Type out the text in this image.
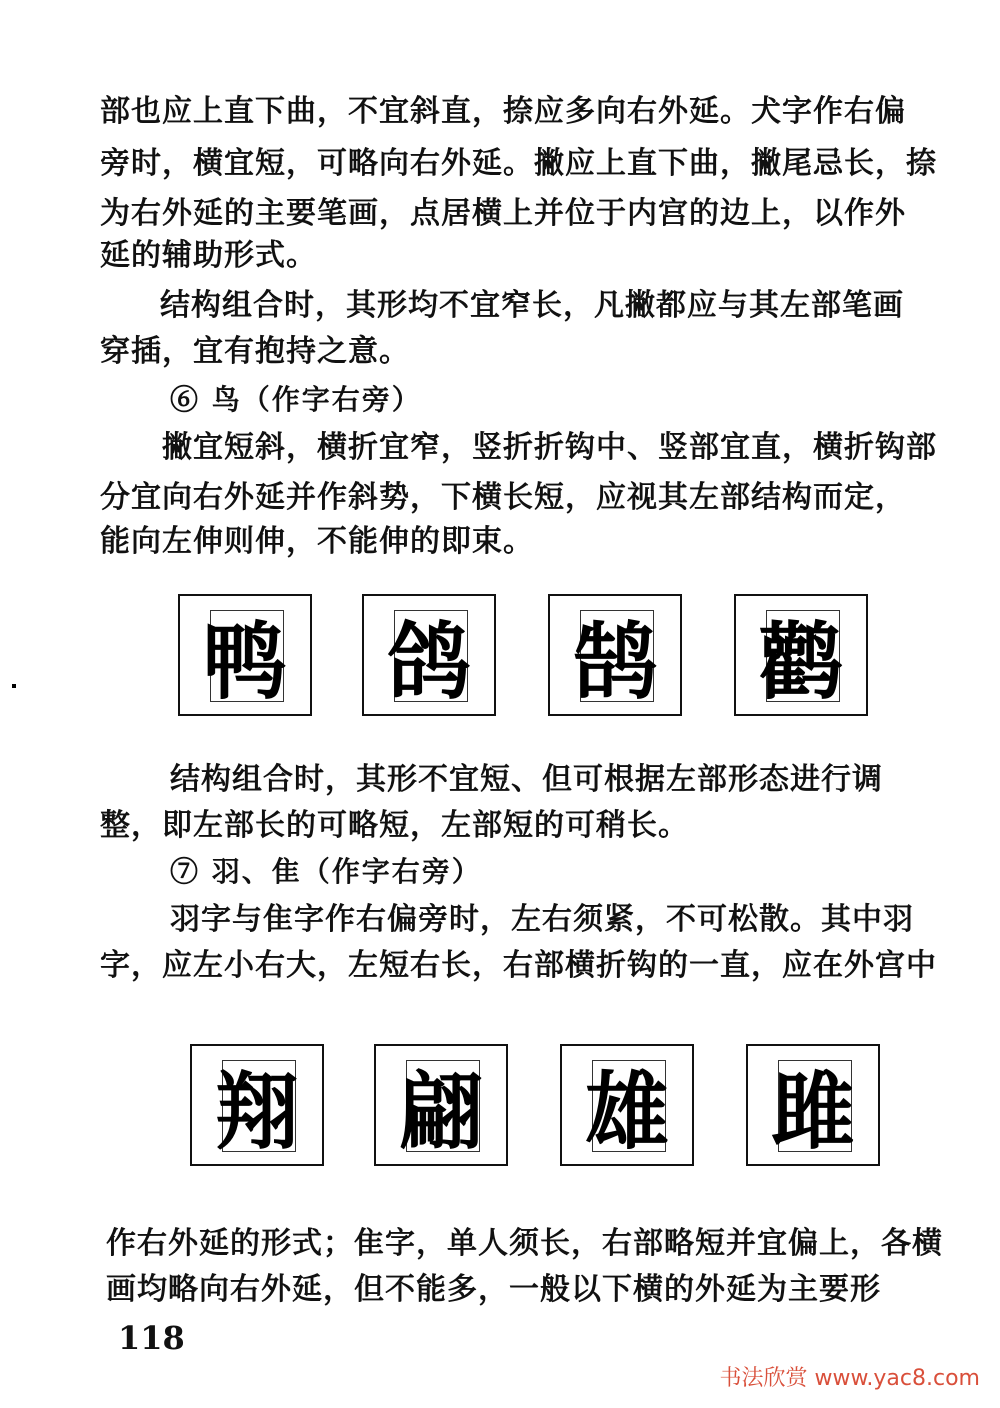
部也应上直下曲，不宜斜直，捺应多向右外延。犬字作右偏
旁时，横宜短，可略向右外延。撇应上直下曲，撇尾忌长，捺
为右外延的主要笔画，点居横上并位于内宫的边上，以作外
延的辅助形式。
结构组合时，其形均不宜窄长，凡撇都应与其左部笔画
穿插，宜有抱持之意。
⑥ 鸟（作字右旁）
撇宜短斜，横折宜窄，竖折折钩中、竖部宜直，横折钩部
分宜向右外延并作斜势，下横长短，应视其左部结构而定，
能向左伸则伸，不能伸的即束。
鸭 鸽 鹄 鹳
结构组合时，其形不宜短、但可根据左部形态进行调
整，即左部长的可略短，左部短的可稍长。
⑦ 羽、隹（作字右旁）
羽字与隹字作右偏旁时，左右须紧，不可松散。其中羽
字，应左小右大，左短右长，右部横折钩的一直，应在外宫中
翔 翩 雄 雎
作右外延的形式；隹字，单人须长，右部略短并宜偏上，各横
画均略向右外延，但不能多，一般以下横的外延为主要形
118
书法欣赏 www.yac8.com
